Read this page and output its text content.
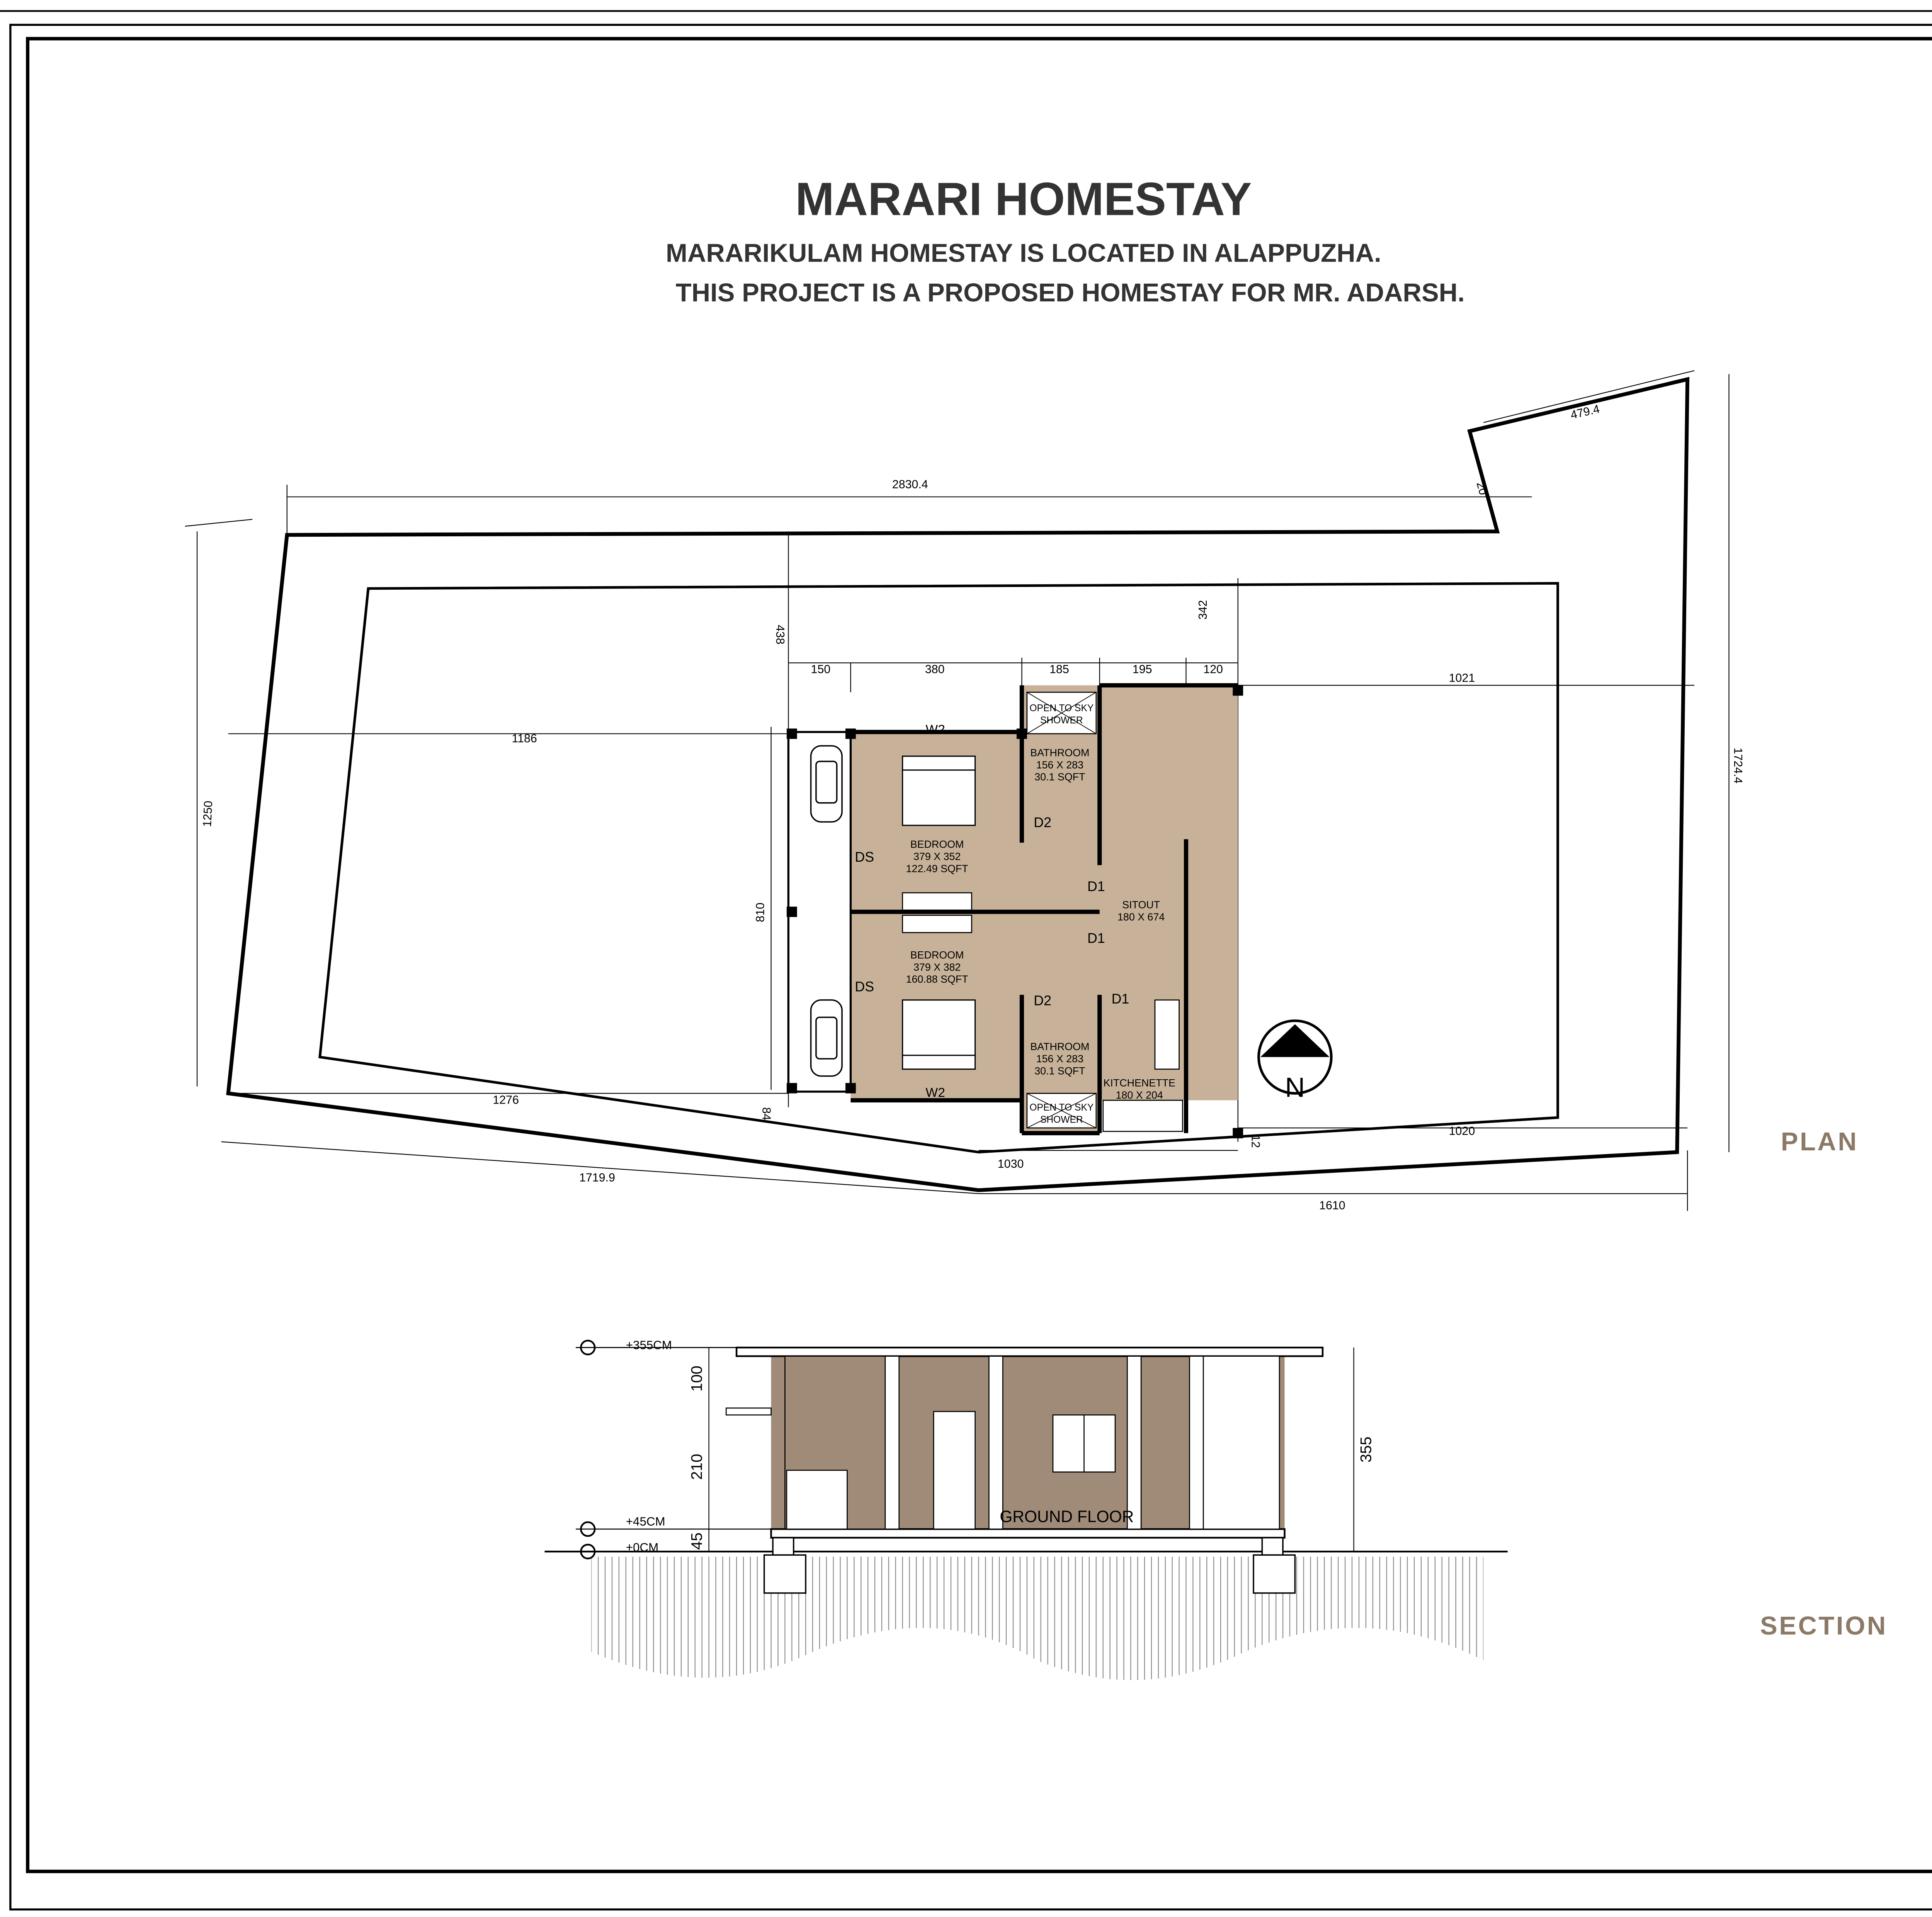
MARARI HOMESTAY
MARARIKULAM HOMESTAY IS LOCATED IN ALAPPUZHA.
THIS PROJECT IS A PROPOSED HOMESTAY FOR MR. ADARSH.
2830.4
479.4
20
1250
1724.4
438
342
150	380	185	195	120
1021
1186
810
1276
84
1719.9
1030
1610
1020
12
W2
W2
BEDROOM
379 X 352
122.49 SQFT
BEDROOM
379 X 382
160.88 SQFT
DS
DS
BATHROOM
156 X 283
30.1 SQFT
BATHROOM
156 X 283
30.1 SQFT
OPEN TO SKY
SHOWER
OPEN TO SKY
SHOWER
SITOUT
180 X 674
KITCHENETTE
180 X 204
D1
D1
D1
D2
D2
N
PLAN
GROUND FLOOR
+355CM
+45CM
+0CM
100
210
45
355
SECTION
